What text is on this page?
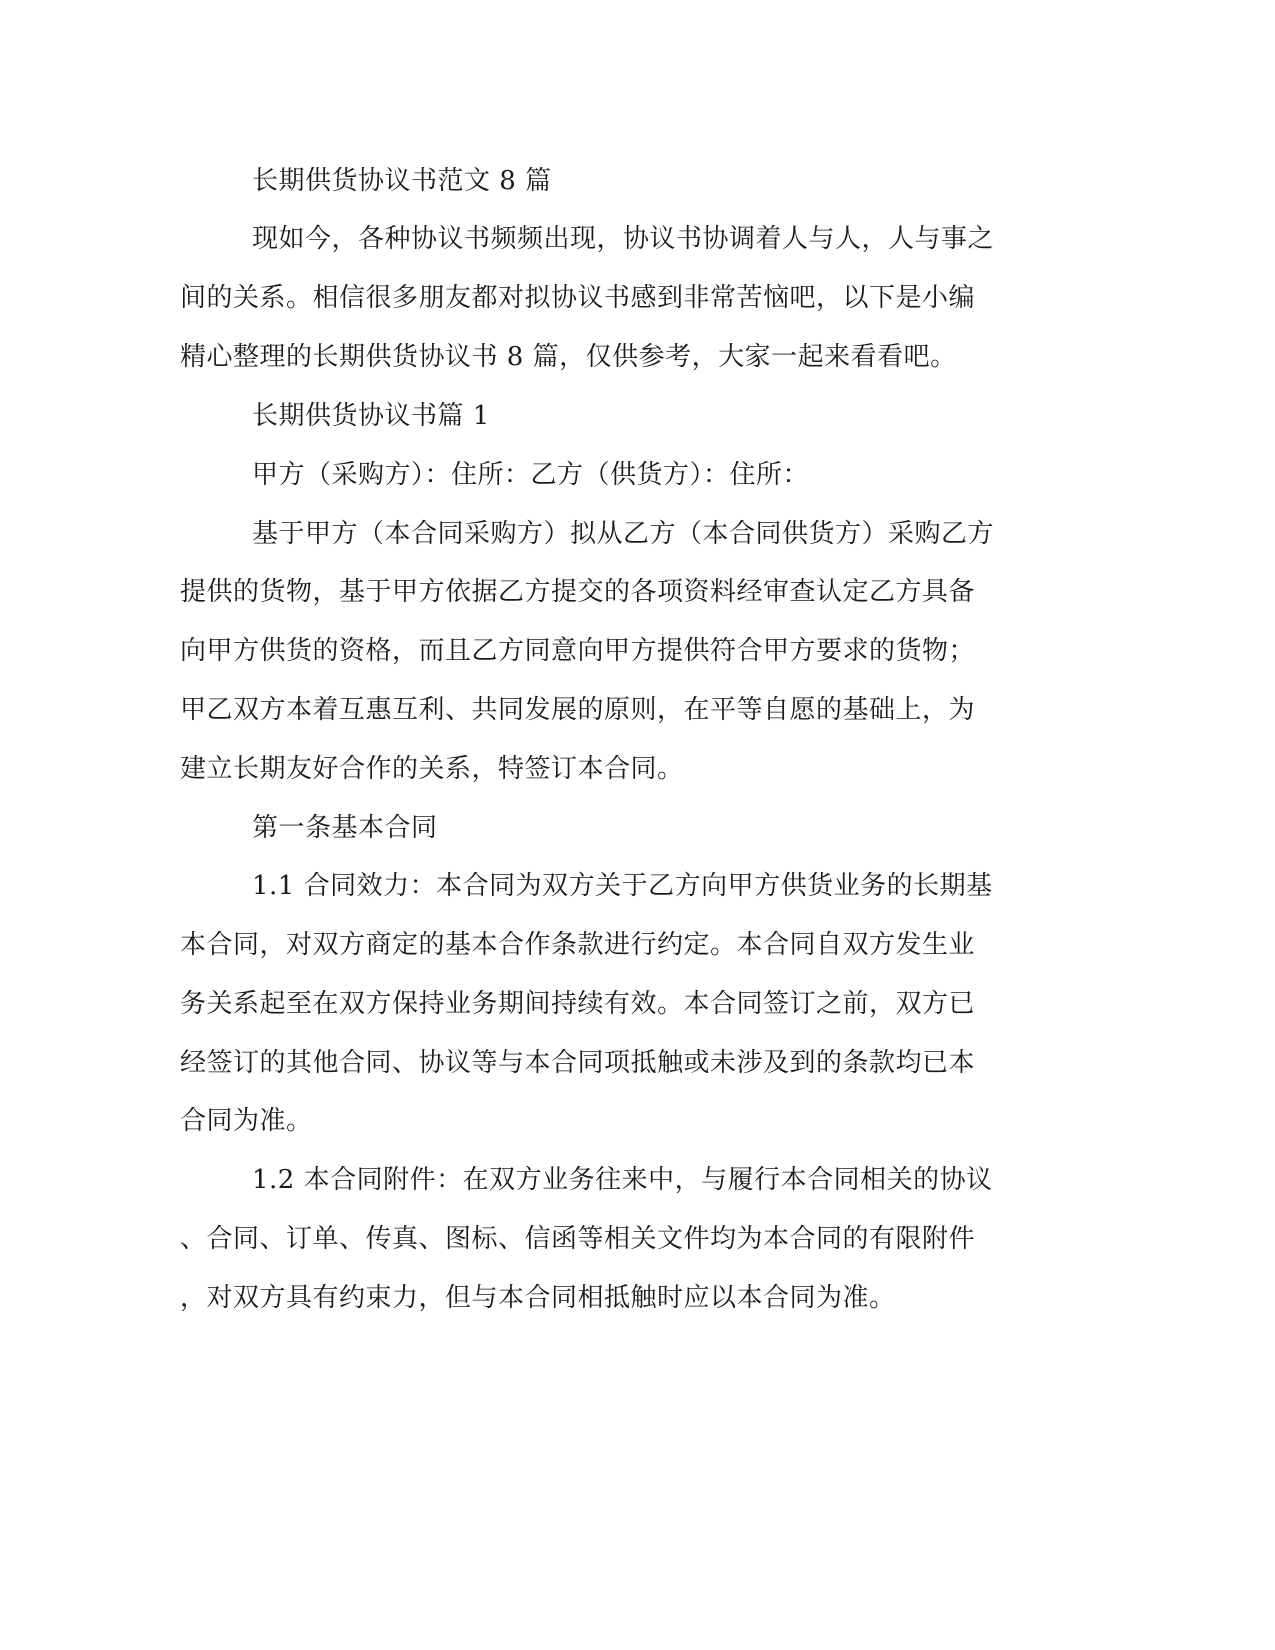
长期供货协议书范文 8 篇
现如今，各种协议书频频出现，协议书协调着人与人，人与事之
间的关系。相信很多朋友都对拟协议书感到非常苦恼吧，以下是小编
精心整理的长期供货协议书 8 篇，仅供参考，大家一起来看看吧。
长期供货协议书篇 1
甲方（采购方）：住所：乙方（供货方）：住所：
基于甲方（本合同采购方）拟从乙方（本合同供货方）采购乙方
提供的货物，基于甲方依据乙方提交的各项资料经审查认定乙方具备
向甲方供货的资格，而且乙方同意向甲方提供符合甲方要求的货物；
甲乙双方本着互惠互利、共同发展的原则，在平等自愿的基础上，为
建立长期友好合作的关系，特签订本合同。
第一条基本合同
1.1 合同效力：本合同为双方关于乙方向甲方供货业务的长期基
本合同，对双方商定的基本合作条款进行约定。本合同自双方发生业
务关系起至在双方保持业务期间持续有效。本合同签订之前，双方已
经签订的其他合同、协议等与本合同项抵触或未涉及到的条款均已本
合同为准。
1.2 本合同附件：在双方业务往来中，与履行本合同相关的协议
、合同、订单、传真、图标、信函等相关文件均为本合同的有限附件
，对双方具有约束力，但与本合同相抵触时应以本合同为准。
